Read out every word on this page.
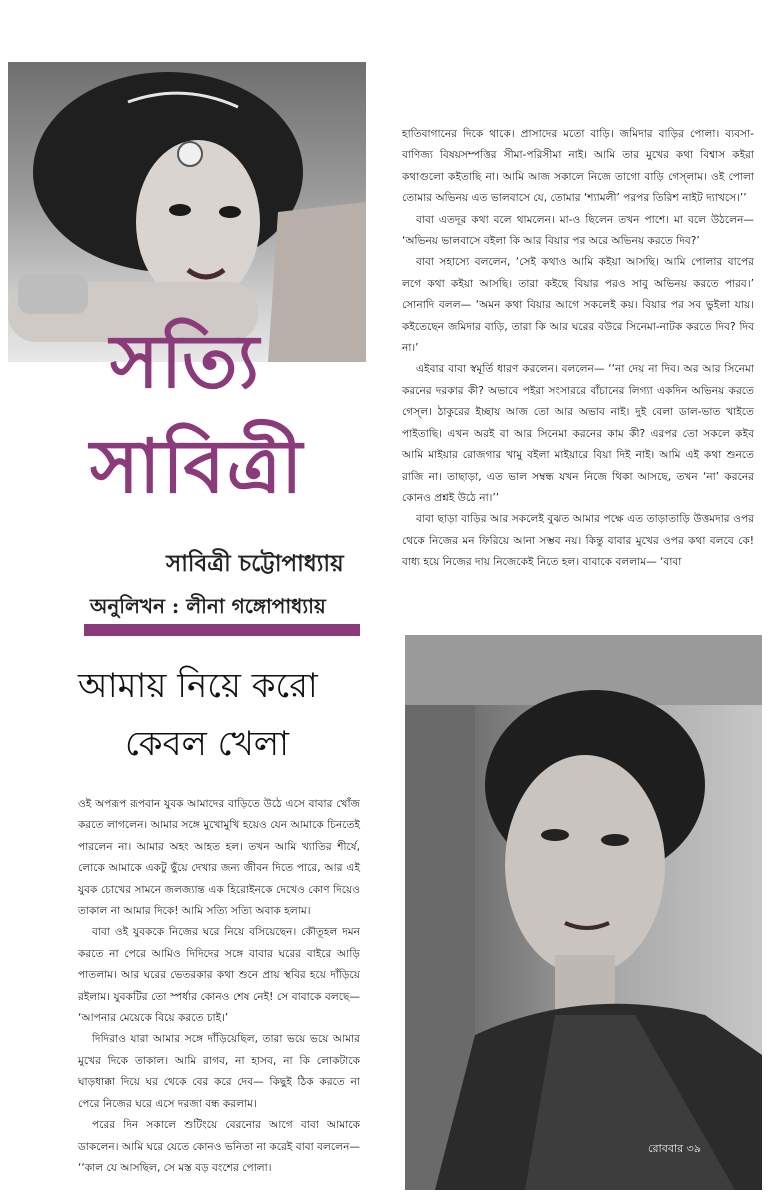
সত্যি
সাবিত্রী

সাবিত্রী চট্টোপাধ্যায়

অনুলিখন : লীনা গঙ্গোপাধ্যায়

আমায় নিয়ে করো
কেবল খেলা

হাতিবাগানের দিকে থাকে। প্রাসাদের মতো বাড়ি। জমিদার বাড়ির পোলা। ব্যবসা-বাণিজ্য বিষয়সম্পত্তির সীমা-পরিসীমা নাই। আমি তার মুখের কথা বিশ্বাস কইরা কথাগুলো কইতাছি না। আমি আজ সকালে নিজে তাগো বাড়ি গেস্‌লাম। ওই পোলা তোমার অভিনয় এত ভালবাসে যে, তোমার ‘শ্যামলী’ পরপর তিরিশ নাইট দ্যাখসে।’’

বাবা এতদূর কথা বলে থামলেন। মা-ও ছিলেন তখন পাশে। মা বলে উঠলেন— ‘অভিনয় ভালবাসে বইলা কি আর বিয়ার পর অরে অভিনয় করতে দিব?’

বাবা সহাস্যে বললেন, ‘সেই কথাও আমি কইয়া আসছি। আমি পোলার বাপের লগে কথা কইয়া আসছি। তারা কইছে বিয়ার পরও সাবু অভিনয় করতে পারব।’ সোনাদি বলল— ‘অমন কথা বিয়ার আগে সকলেই কয়। বিয়ার পর সব ভুইলা যায়। কইতেছেন জমিদার বাড়ি, তারা কি আর ঘরের বউরে সিনেমা-নাটক করতে দিব? দিব না।’

এইবার বাবা স্বমূর্তি ধারণ করলেন। বললেন— ‘‘না দেয় না দিব। অর আর সিনেমা করনের দরকার কী? অভাবে পইরা সংসাররে বাঁচানের লিগ্যা একদিন অভিনয় করতে গেস্‌ল। ঠাকুরের ইচ্ছায় আজ তো আর অভাব নাই। দুই বেলা ডাল-ভাত খাইতে পাইতাছি। এখন অরই বা আর সিনেমা করনের কাম কী? এরপর তো সকলে কইব আমি মাইয়ার রোজগার খামু বইলা মাইয়ারে বিয়া দিই নাই। আমি এই কথা শুনতে রাজি না। তাছাড়া, এত ভাল সম্বন্ধ যখন নিজে থিকা আসছে, তখন ‘না’ করনের কোনও প্রশ্নই উঠে না।’’

বাবা ছাড়া বাড়ির আর সকলেই বুঝত আমার পক্ষে এত তাড়াতাড়ি উত্তমদার ওপর থেকে নিজের মন ফিরিয়ে আনা সম্ভব নয়। কিন্তু বাবার মুখের ওপর কথা বলবে কে! বাধ্য হয়ে নিজের দায় নিজেকেই নিতে হল। বাবাকে বললাম— ‘বাবা

ওই অপরূপ রূপবান যুবক আমাদের বাড়িতে উঠে এসে বাবার খোঁজ করতে লাগলেন। আমার সঙ্গে মুখোমুখি হয়েও যেন আমাকে চিনতেই পারলেন না। আমার অহং আহত হল। তখন আমি খ্যাতির শীর্ষে, লোকে আমাকে একটু ছুঁয়ে দেখার জন্য জীবন দিতে পারে, আর এই যুবক চোখের সামনে জলজ্যান্ত এক হিরোইনকে দেখেও কোণ দিয়েও তাকাল না আমার দিকে! আমি সত্যি সত্যি অবাক হলাম।

বাবা ওই যুবককে নিজের ঘরে নিয়ে বসিয়েছেন। কৌতূহল দমন করতে না পেরে আমিও দিদিদের সঙ্গে বাবার ঘরের বাইরে আড়ি পাতলাম। আর ঘরের ভেতরকার কথা শুনে প্রায় স্থবির হয়ে দাঁড়িয়ে রইলাম। যুবকটির তো স্পর্ধার কোনও শেষ নেই! সে বাবাকে বলছে— ‘আপনার মেয়েকে বিয়ে করতে চাই।’

দিদিরাও যারা আমার সঙ্গে দাঁড়িয়েছিল, তারা ভয়ে ভয়ে আমার মুখের দিকে তাকাল। আমি রাগব, না হাসব, না কি লোকটাকে ঘাড়ধাক্কা দিয়ে ঘর থেকে বের করে দেব— কিছুই ঠিক করতে না পেরে নিজের ঘরে এসে দরজা বন্ধ করলাম।

পরের দিন সকালে শুটিংয়ে বেরনোর আগে বাবা আমাকে ডাকলেন। আমি ঘরে যেতে কোনও ভনিতা না করেই বাবা বললেন— ‘‘কাল যে আসছিল, সে মস্ত বড় বংশের পোলা।

রোববার ৩৯
